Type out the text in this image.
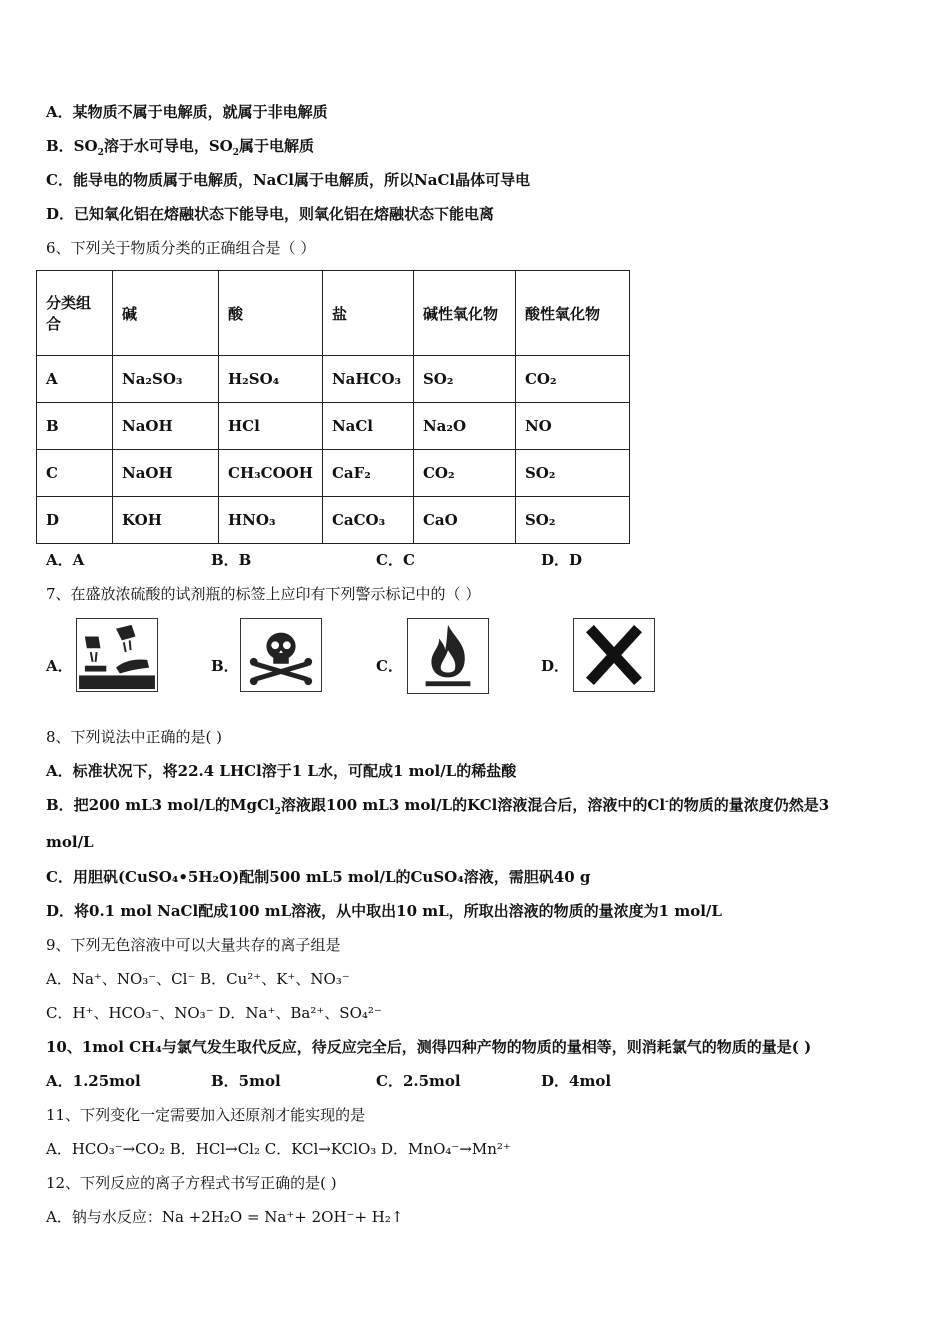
A．某物质不属于电解质，就属于非电解质
B．$SO_2$溶于水可导电，$SO_2$属于电解质
C．能导电的物质属于电解质，NaCl属于电解质，所以NaCl晶体可导电
D．已知氧化铝在熔融状态下能导电，则氧化铝在熔融状态下能电离
6、下列关于物质分类的正确组合是（ ）
分类组合	碱	酸	盐	碱性氧化物	酸性氧化物
A	Na₂SO₃	H₂SO₄	NaHCO₃	SO₂	CO₂
B	NaOH	HCl	NaCl	Na₂O	NO
C	NaOH	CH₃COOH	CaF₂	CO₂	SO₂
D	KOH	HNO₃	CaCO₃	CaO	SO₂
A．A	B．B	C．C	D．D
7、在盛放浓硫酸的试剂瓶的标签上应印有下列警示标记中的（ ）
A．	B．	C．	D．
8、下列说法中正确的是( )
A．标准状况下，将22.4 LHCl溶于1 L水，可配成1 mol/L的稀盐酸
B．把200 mL3 mol/L的MgCl$_2$溶液跟100 mL3 mol/L的KCl溶液混合后，溶液中的Cl-的物质的量浓度仍然是3
mol/L
C．用胆矾(CuSO₄•5H₂O)配制500 mL5 mol/L的CuSO₄溶液，需胆矾40 g
D．将0.1 mol NaCl配成100 mL溶液，从中取出10 mL，所取出溶液的物质的量浓度为1 mol/L
9、下列无色溶液中可以大量共存的离子组是
A．Na⁺、NO₃⁻、Cl⁻ B．Cu²⁺、K⁺、NO₃⁻
C．H⁺、HCO₃⁻、NO₃⁻ D．Na⁺、Ba²⁺、SO₄²⁻
10、1mol CH₄与氯气发生取代反应，待反应完全后，测得四种产物的物质的量相等，则消耗氯气的物质的量是( )
A．1.25mol	B．5mol	C．2.5mol	D．4mol
11、下列变化一定需要加入还原剂才能实现的是
A．HCO₃⁻→CO₂ B．HCl→Cl₂ C．KCl→KClO₃ D．MnO₄⁻→Mn²⁺
12、下列反应的离子方程式书写正确的是( )
A．钠与水反应：Na +2H₂O = Na⁺+ 2OH⁻+ H₂↑
